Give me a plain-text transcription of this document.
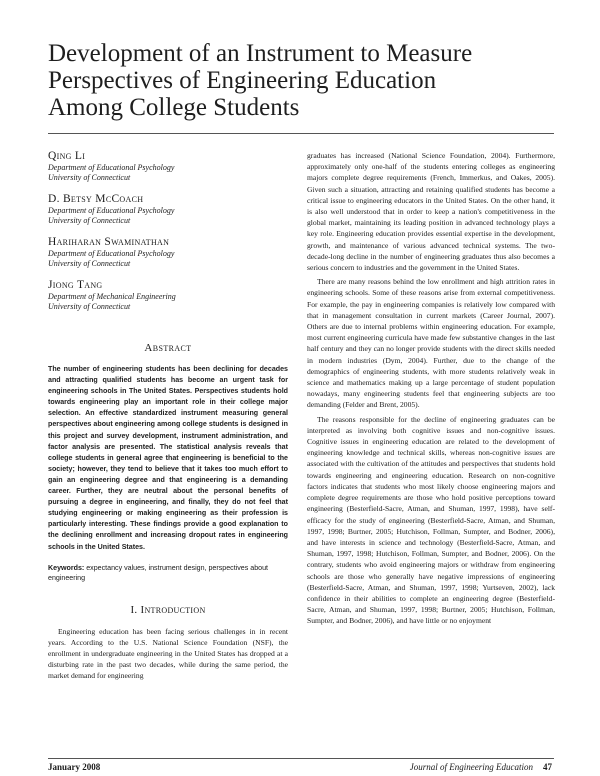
Development of an Instrument to Measure
Perspectives of Engineering Education
Among College Students
Qing Li
Department of Educational Psychology
University of Connecticut
D. Betsy McCoach
Department of Educational Psychology
University of Connecticut
Hariharan Swaminathan
Department of Educational Psychology
University of Connecticut
Jiong Tang
Department of Mechanical Engineering
University of Connecticut
Abstract
The number of engineering students has been declining for decades and attracting qualified students has become an urgent task for engineering schools in The United States. Perspectives students hold towards engineering play an important role in their college major selection. An effective standardized instrument measuring general perspectives about engineering among college students is designed in this project and survey development, instrument administration, and factor analysis are presented. The statistical analysis reveals that college students in general agree that engineering is beneficial to the society; however, they tend to believe that it takes too much effort to gain an engineering degree and that engineering is a demanding career. Further, they are neutral about the personal benefits of pursuing a degree in engineering, and finally, they do not feel that studying engineering or making engineering as their profession is particularly interesting. These findings provide a good explanation to the declining enrollment and increasing dropout rates in engineering schools in the United States.
Keywords: expectancy values, instrument design, perspectives about engineering
I. Introduction

Engineering education has been facing serious challenges in in recent years. According to the U.S. National Science Foundation (NSF), the enrollment in undergraduate engineering in the United States has dropped at a disturbing rate in the past two decades, while during the same period, the market demand for engineering

graduates has increased (National Science Foundation, 2004). Furthermore, approximately only one-half of the students entering colleges as engineering majors complete degree requirements (French, Immerkus, and Oakes, 2005). Given such a situation, attracting and retaining qualified students has become a critical issue to engineering educators in the United States. On the other hand, it is also well understood that in order to keep a nation's competitiveness in the global market, maintaining its leading position in advanced technology plays a key role. Engineering education provides essential expertise in the development, growth, and maintenance of various advanced technical systems. The two-decade-long decline in the number of engineering graduates thus also becomes a serious concern to industries and the government in the United States.

There are many reasons behind the low enrollment and high attrition rates in engineering schools. Some of these reasons arise from external competitiveness. For example, the pay in engineering companies is relatively low compared with that in management consultation in current markets (Career Journal, 2007). Others are due to internal problems within engineering education. For example, most current engineering curricula have made few substantive changes in the last half century and they can no longer provide students with the direct skills needed in modern industries (Dym, 2004). Further, due to the change of the demographics of engineering students, with more students relatively weak in science and mathematics making up a large percentage of student population nowadays, many engineering students feel that engineering subjects are too demanding (Felder and Brent, 2005).

The reasons responsible for the decline of engineering graduates can be interpreted as involving both cognitive issues and non-cognitive issues. Cognitive issues in engineering education are related to the development of engineering knowledge and technical skills, whereas non-cognitive issues are associated with the cultivation of the attitudes and perspectives that students hold towards engineering and engineering education. Research on non-cognitive factors indicates that students who most likely choose engineering majors and complete degree requirements are those who hold positive perceptions toward engineering (Besterfield-Sacre, Atman, and Shuman, 1997, 1998), have self-efficacy for the study of engineering (Besterfield-Sacre, Atman, and Shuman, 1997, 1998; Burtner, 2005; Hutchison, Follman, Sumpter, and Bodner, 2006), and have interests in science and technology (Besterfield-Sacre, Atman, and Shuman, 1997, 1998; Hutchison, Follman, Sumpter, and Bodner, 2006). On the contrary, students who avoid engineering majors or withdraw from engineering schools are those who generally have negative impressions of engineering (Besterfield-Sacre, Atman, and Shuman, 1997, 1998; Yurtseven, 2002), lack confidence in their abilities to complete an engineering degree (Besterfield-Sacre, Atman, and Shuman, 1997, 1998; Burtner, 2005; Hutchison, Follman, Sumpter, and Bodner, 2006), and have little or no enjoyment

January 2008	Journal of Engineering Education 47
